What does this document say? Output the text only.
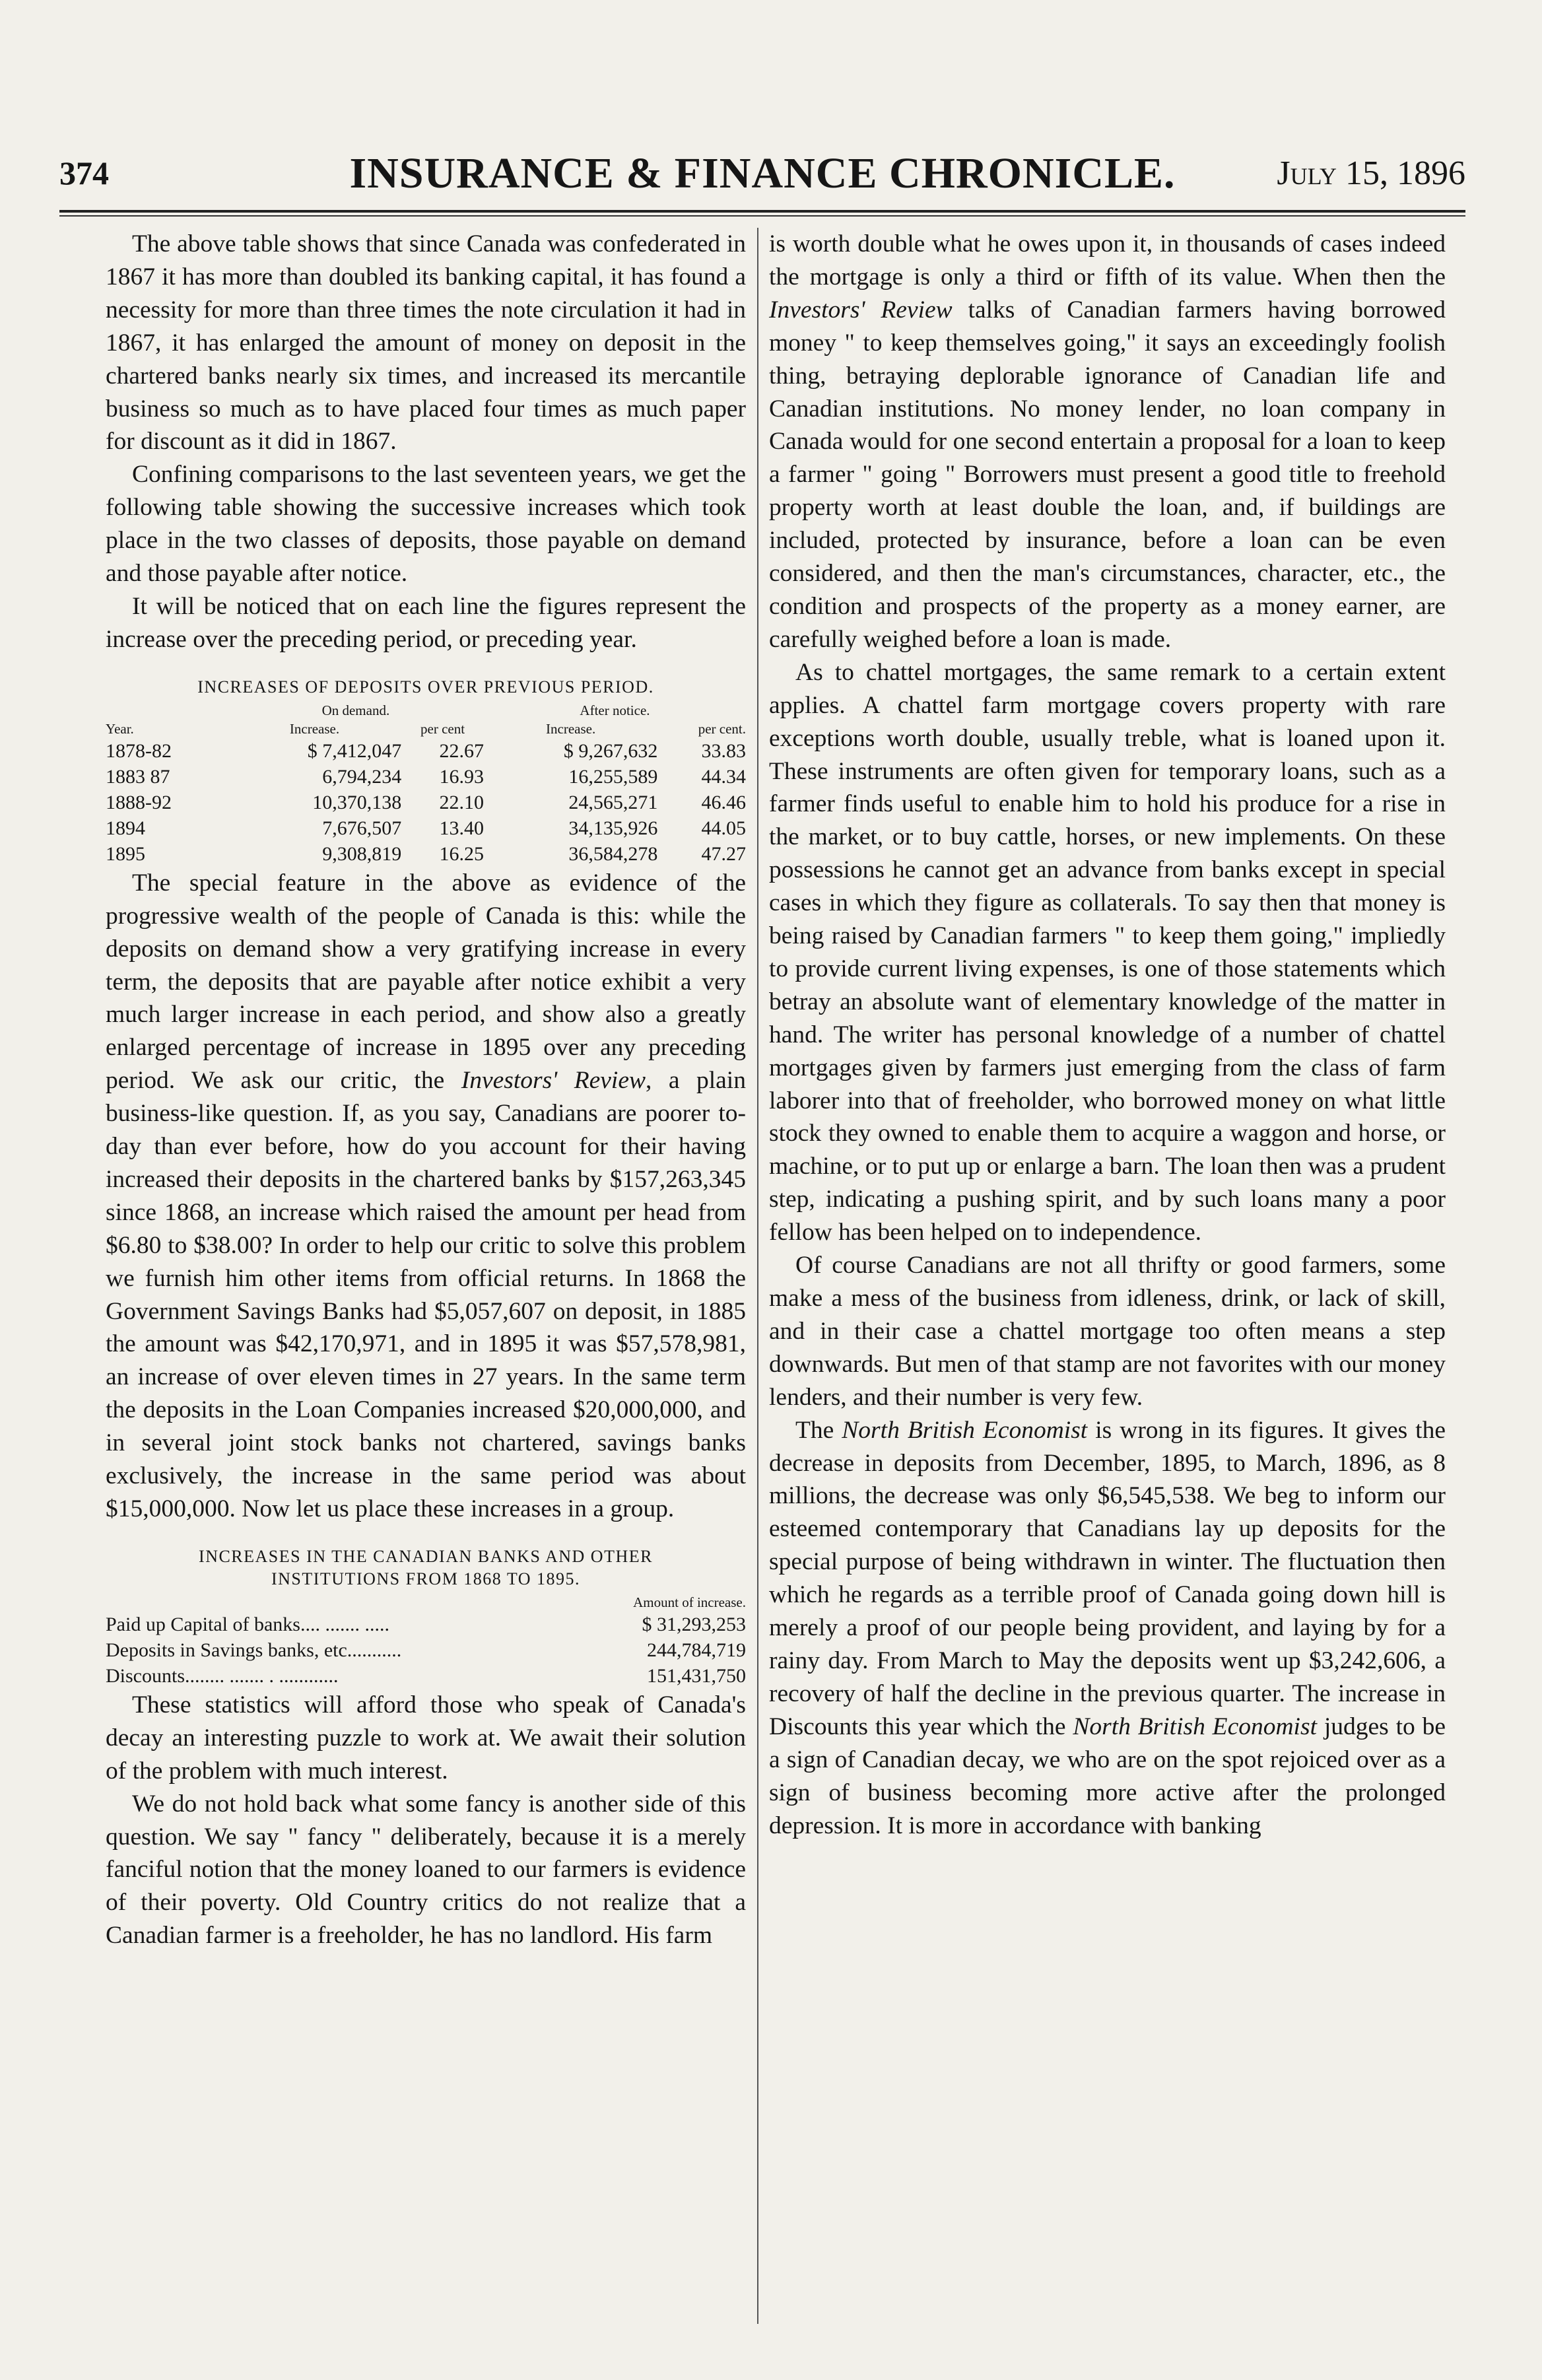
374	INSURANCE & FINANCE CHRONICLE.	July 15, 1896

The above table shows that since Canada was confederated in 1867 it has more than doubled its banking capital, it has found a necessity for more than three times the note circulation it had in 1867, it has enlarged the amount of money on deposit in the chartered banks nearly six times, and increased its mercantile business so much as to have placed four times as much paper for discount as it did in 1867.

Confining comparisons to the last seventeen years, we get the following table showing the successive increases which took place in the two classes of deposits, those payable on demand and those payable after notice.

It will be noticed that on each line the figures represent the increase over the preceding period, or preceding year.

INCREASES OF DEPOSITS OVER PREVIOUS PERIOD.
	On demand.		After notice.	
Year.	Increase.	per cent	Increase.	per cent.
1878-82	$ 7,412,047	22.67	$ 9,267,632	33.83
1883 87	6,794,234	16.93	16,255,589	44.34
1888-92	10,370,138	22.10	24,565,271	46.46
1894	7,676,507	13.40	34,135,926	44.05
1895	9,308,819	16.25	36,584,278	47.27

The special feature in the above as evidence of the progressive wealth of the people of Canada is this: while the deposits on demand show a very gratifying increase in every term, the deposits that are payable after notice exhibit a very much larger increase in each period, and show also a greatly enlarged percentage of increase in 1895 over any preceding period. We ask our critic, the Investors' Review, a plain business-like question. If, as you say, Canadians are poorer to-day than ever before, how do you account for their having increased their deposits in the chartered banks by $157,263,345 since 1868, an increase which raised the amount per head from $6.80 to $38.00? In order to help our critic to solve this problem we furnish him other items from official returns. In 1868 the Government Savings Banks had $5,057,607 on deposit, in 1885 the amount was $42,170,971, and in 1895 it was $57,578,981, an increase of over eleven times in 27 years. In the same term the deposits in the Loan Companies increased $20,000,000, and in several joint stock banks not chartered, savings banks exclusively, the increase in the same period was about $15,000,000. Now let us place these increases in a group.

INCREASES IN THE CANADIAN BANKS AND OTHER
INSTITUTIONS FROM 1868 TO 1895.
	Amount of increase.
Paid up Capital of banks.... ....... .....	$ 31,293,253
Deposits in Savings banks, etc...........	244,784,719
Discounts........ ....... . ............	151,431,750

These statistics will afford those who speak of Canada's decay an interesting puzzle to work at. We await their solution of the problem with much interest.

We do not hold back what some fancy is another side of this question. We say " fancy " deliberately, because it is a merely fanciful notion that the money loaned to our farmers is evidence of their poverty. Old Country critics do not realize that a Canadian farmer is a freeholder, he has no landlord. His farm

is worth double what he owes upon it, in thousands of cases indeed the mortgage is only a third or fifth of its value. When then the Investors' Review talks of Canadian farmers having borrowed money " to keep themselves going," it says an exceedingly foolish thing, betraying deplorable ignorance of Canadian life and Canadian institutions. No money lender, no loan company in Canada would for one second entertain a proposal for a loan to keep a farmer " going " Borrowers must present a good title to freehold property worth at least double the loan, and, if buildings are included, protected by insurance, before a loan can be even considered, and then the man's circumstances, character, etc., the condition and prospects of the property as a money earner, are carefully weighed before a loan is made.

As to chattel mortgages, the same remark to a certain extent applies. A chattel farm mortgage covers property with rare exceptions worth double, usually treble, what is loaned upon it. These instruments are often given for temporary loans, such as a farmer finds useful to enable him to hold his produce for a rise in the market, or to buy cattle, horses, or new implements. On these possessions he cannot get an advance from banks except in special cases in which they figure as collaterals. To say then that money is being raised by Canadian farmers " to keep them going," impliedly to provide current living expenses, is one of those statements which betray an absolute want of elementary knowledge of the matter in hand. The writer has personal knowledge of a number of chattel mortgages given by farmers just emerging from the class of farm laborer into that of freeholder, who borrowed money on what little stock they owned to enable them to acquire a waggon and horse, or machine, or to put up or enlarge a barn. The loan then was a prudent step, indicating a pushing spirit, and by such loans many a poor fellow has been helped on to independence.

Of course Canadians are not all thrifty or good farmers, some make a mess of the business from idleness, drink, or lack of skill, and in their case a chattel mortgage too often means a step downwards. But men of that stamp are not favorites with our money lenders, and their number is very few.

The North British Economist is wrong in its figures. It gives the decrease in deposits from December, 1895, to March, 1896, as 8 millions, the decrease was only $6,545,538. We beg to inform our esteemed contemporary that Canadians lay up deposits for the special purpose of being withdrawn in winter. The fluctuation then which he regards as a terrible proof of Canada going down hill is merely a proof of our people being provident, and laying by for a rainy day. From March to May the deposits went up $3,242,606, a recovery of half the decline in the previous quarter. The increase in Discounts this year which the North British Economist judges to be a sign of Canadian decay, we who are on the spot rejoiced over as a sign of business becoming more active after the prolonged depression. It is more in accordance with banking
